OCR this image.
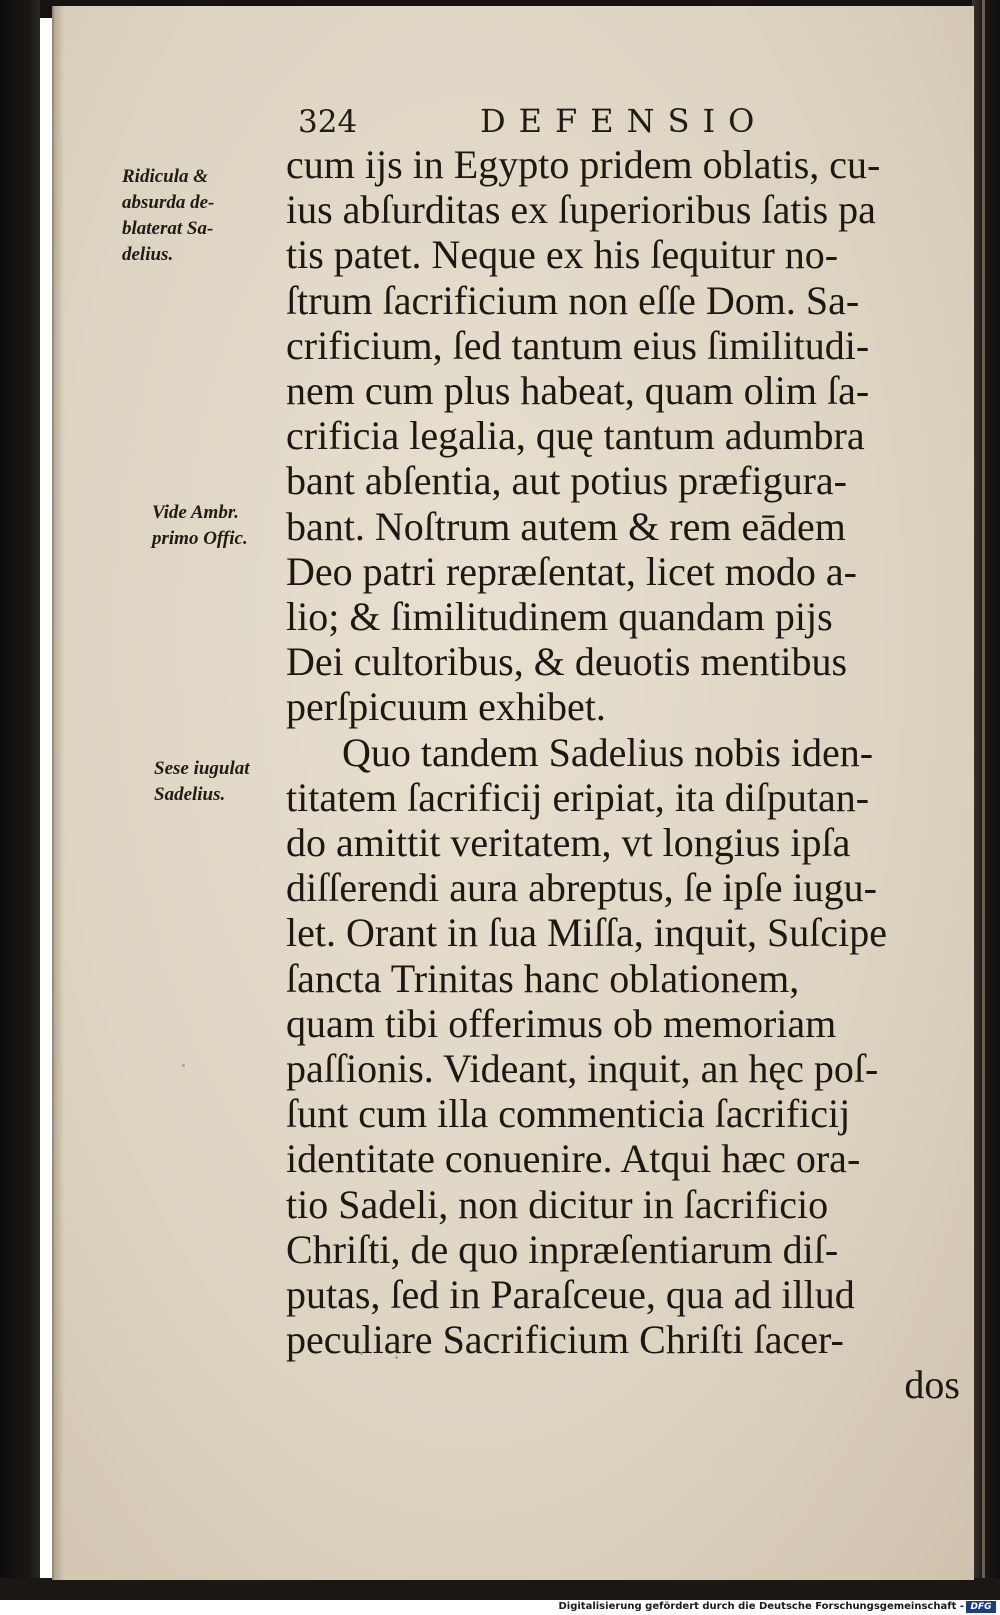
324	DEFENSIO
Ridicula &
absurda de-
blaterat Sa-
delius.
Vide Ambr.
primo Offic.
Sese iugulat
Sadelius.
cum ijs in Egypto pridem oblatis, cu-
ius abſurditas ex ſuperioribus ſatis pa
tis patet. Neque ex his ſequitur no-
ſtrum ſacrificium non eſſe Dom. Sa-
crificium, ſed tantum eius ſimilitudi-
nem cum plus habeat, quam olim ſa-
crificia legalia, quę tantum adumbra
bant abſentia, aut potius præfigura-
bant. Noſtrum autem & rem eādem
Deo patri repræſentat, licet modo a-
lio; & ſimilitudinem quandam pijs
Dei cultoribus, & deuotis mentibus
perſpicuum exhibet.
Quo tandem Sadelius nobis iden-
titatem ſacrificij eripiat, ita diſputan-
do amittit veritatem, vt longius ipſa
diſſerendi aura abreptus, ſe ipſe iugu-
let. Orant in ſua Miſſa, inquit, Suſcipe
ſancta Trinitas hanc oblationem,
quam tibi offerimus ob memoriam
paſſionis. Videant, inquit, an hęc poſ-
ſunt cum illa commenticia ſacrificij
identitate conuenire. Atqui hæc ora-
tio Sadeli, non dicitur in ſacrificio
Chriſti, de quo inpræſentiarum diſ-
putas, ſed in Paraſceue, qua ad illud
peculiare Sacrificium Chriſti ſacer-
dos
Digitalisierung gefördert durch die Deutsche Forschungsgemeinschaft - DFG
